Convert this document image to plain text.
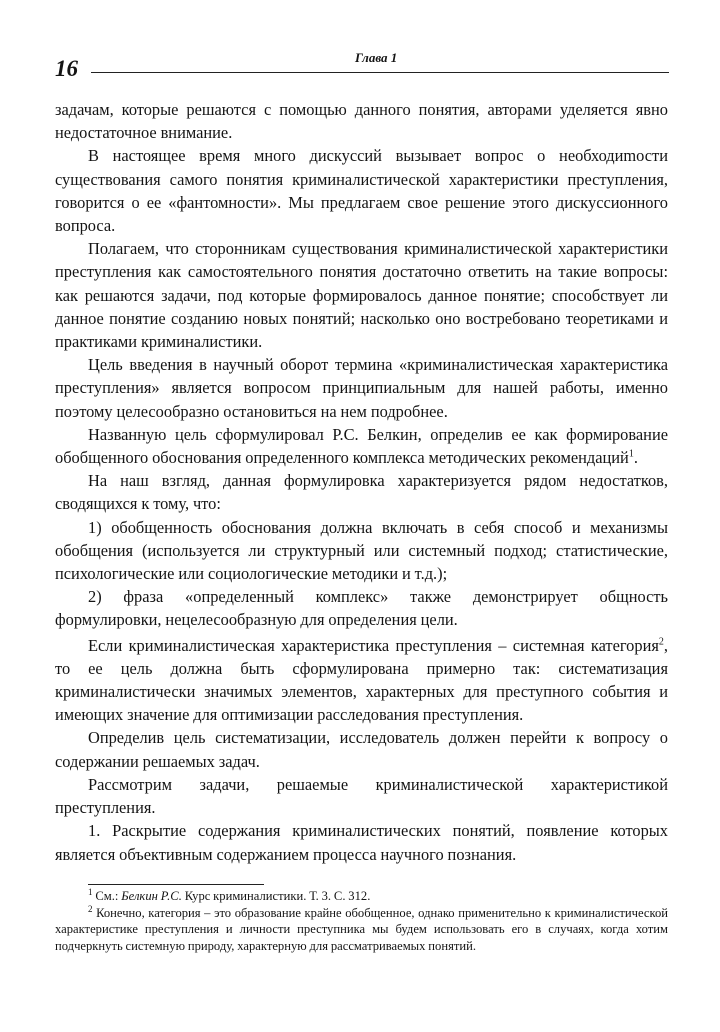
16	Глава 1

задачам, которые решаются с помощью данного понятия, авторами уделяется явно недостаточное внимание.

В настоящее время много дискуссий вызывает вопрос о необходиmости существования самого понятия криминалистической характеристики преступления, говорится о ее «фантомности». Мы предлагаем свое решение этого дискуссионного вопроса.

Полагаем, что сторонникам существования криминалистической характеристики преступления как самостоятельного понятия достаточно ответить на такие вопросы: как решаются задачи, под которые формировалось данное понятие; способствует ли данное понятие созданию новых понятий; насколько оно востребовано теоретиками и практиками криминалистики.

Цель введения в научный оборот термина «криминалистическая характеристика преступления» является вопросом принципиальным для нашей работы, именно поэтому целесообразно остановиться на нем подробнее.

Названную цель сформулировал Р.С. Белкин, определив ее как формирование обобщенного обоснования определенного комплекса методических рекомендаций$^1$.

На наш взгляд, данная формулировка характеризуется рядом недостатков, сводящихся к тому, что:

1) обобщенность обоснования должна включать в себя способ и механизмы обобщения (используется ли структурный или системный подход; статистические, психологические или социологические методики и т.д.);

2) фраза «определенный комплекс» также демонстрирует общность формулировки, нецелесообразную для определения цели.

Если криминалистическая характеристика преступления – системная категория$^2$, то ее цель должна быть сформулирована примерно так: систематизация криминалистически значимых элементов, характерных для преступного события и имеющих значение для оптимизации расследования преступления.

Определив цель систематизации, исследователь должен перейти к вопросу о содержании решаемых задач.

Рассмотрим задачи, решаемые криминалистической характеристикой преступления.

1. Раскрытие содержания криминалистических понятий, появление которых является объективным содержанием процесса научного познания.

$^1$ См.: Белкин Р.С. Курс криминалистики. Т. 3. С. 312.

$^2$ Конечно, категория – это образование крайне обобщенное, однако применительно к криминалистической характеристике преступления и личности преступника мы будем использовать его в случаях, когда хотим подчеркнуть системную природу, характерную для рассматриваемых понятий.
